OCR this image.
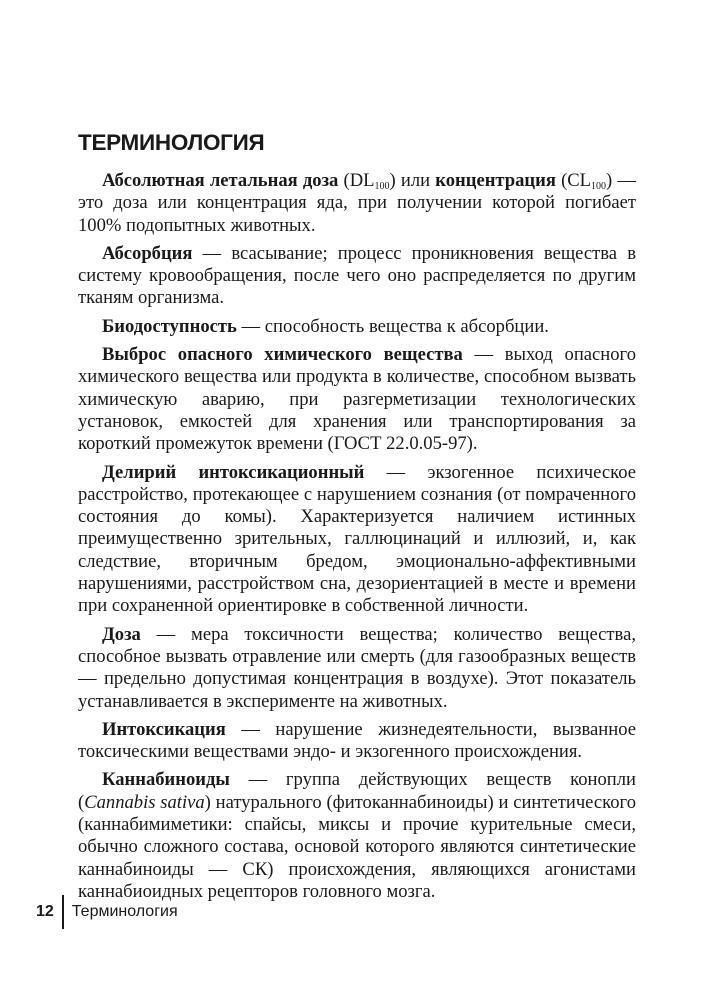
ТЕРМИНОЛОГИЯ

Абсолютная летальная доза $(DL_{100})$ или концентрация $(CL_{100})$ — это доза или концентрация яда, при получении которой погибает 100% подопытных животных.

Абсорбция — всасывание; процесс проникновения вещества в систему кровообращения, после чего оно распределяется по другим тканям организма.

Биодоступность — способность вещества к абсорбции.

Выброс опасного химического вещества — выход опасного химического вещества или продукта в количестве, способном вызвать химическую аварию, при разгерметизации технологических установок, емкостей для хранения или транспортирования за короткий промежуток времени (ГОСТ 22.0.05-97).

Делирий интоксикационный — экзогенное психическое расстройство, протекающее с нарушением сознания (от помраченного состояния до комы). Характеризуется наличием истинных преимущественно зрительных, галлюцинаций и иллюзий, и, как следствие, вторичным бредом, эмоционально-аффективными нарушениями, расстройством сна, дезориентацией в месте и времени при сохраненной ориентировке в собственной личности.

Доза — мера токсичности вещества; количество вещества, способное вызвать отравление или смерть (для газообразных веществ — предельно допустимая концентрация в воздухе). Этот показатель устанавливается в эксперименте на животных.

Интоксикация — нарушение жизнедеятельности, вызванное токсическими веществами эндо- и экзогенного происхождения.

Каннабиноиды — группа действующих веществ конопли (Cannabis sativa) натурального (фитоканнабиноиды) и синтетического (каннабимиметики: спайсы, миксы и прочие курительные смеси, обычно сложного состава, основой которого являются синтетические каннабиноиды — СК) происхождения, являющихся агонистами каннабиоидных рецепторов головного мозга.

12	Терминология
